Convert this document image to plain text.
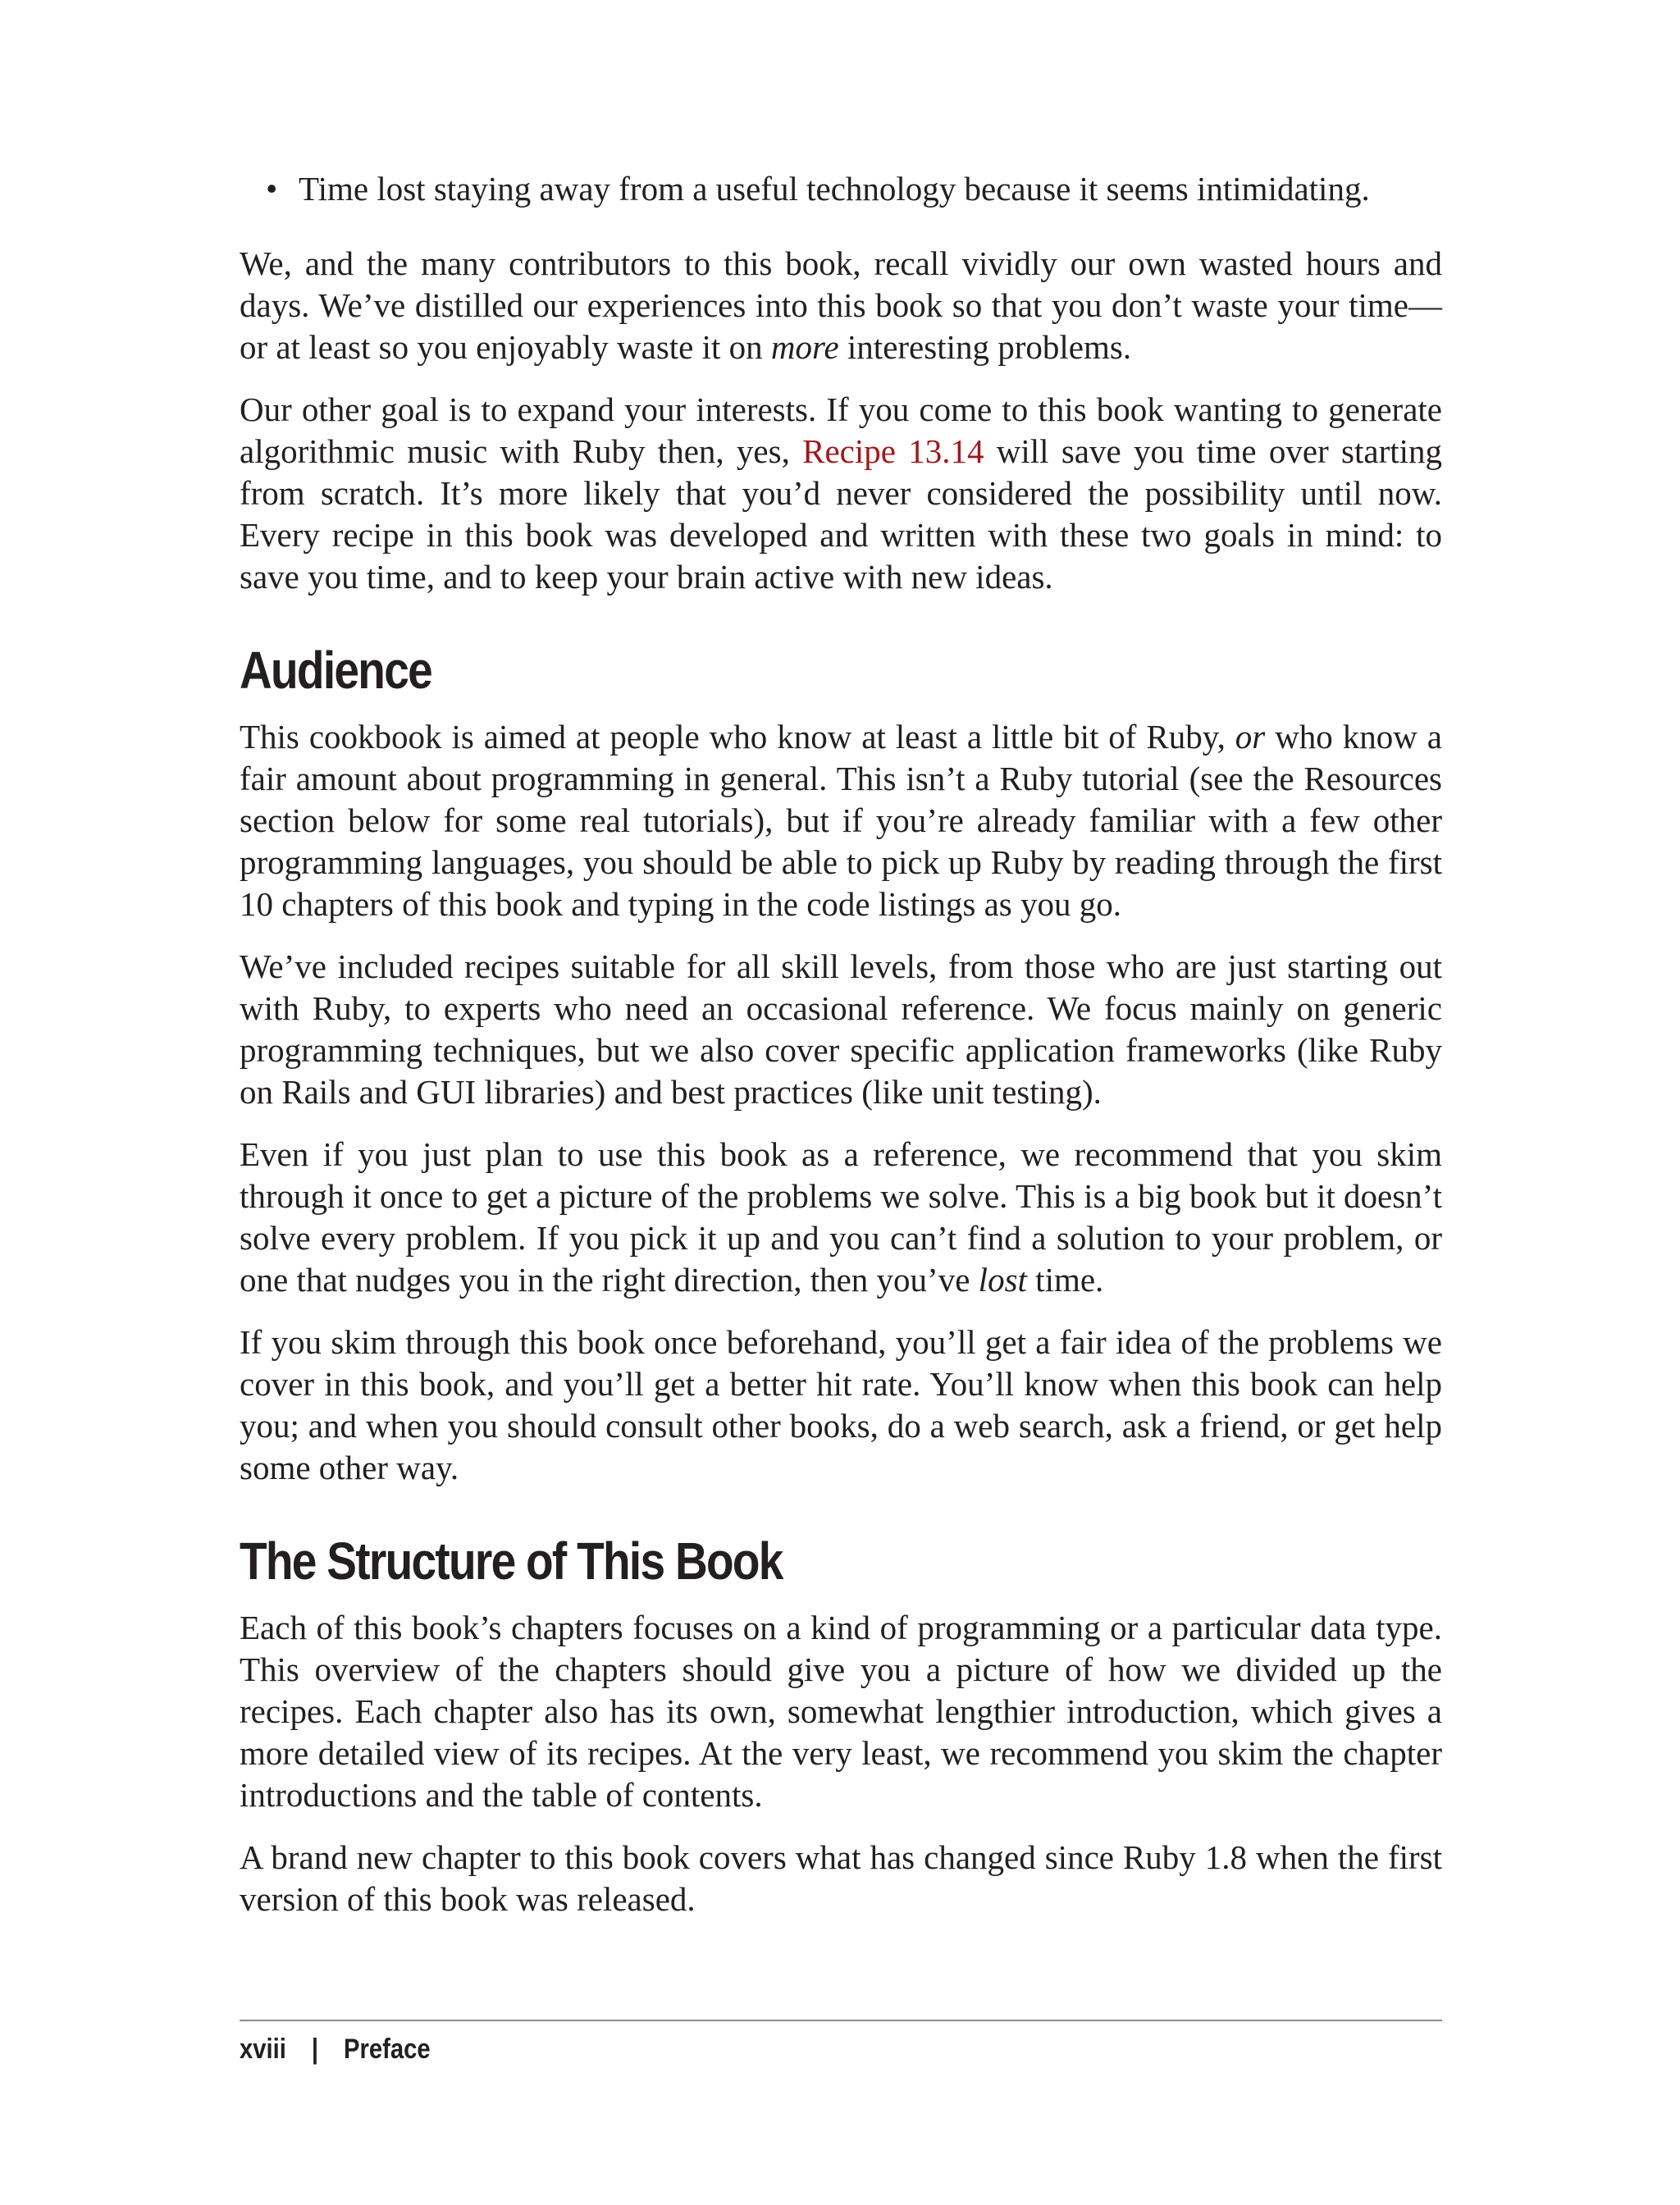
• Time lost staying away from a useful technology because it seems intimidating.

We, and the many contributors to this book, recall vividly our own wasted hours and days. We’ve distilled our experiences into this book so that you don’t waste your time— or at least so you enjoyably waste it on more interesting problems.

Our other goal is to expand your interests. If you come to this book wanting to generate algorithmic music with Ruby then, yes, Recipe 13.14 will save you time over starting from scratch. It’s more likely that you’d never considered the possibility until now. Every recipe in this book was developed and written with these two goals in mind: to save you time, and to keep your brain active with new ideas.

Audience

This cookbook is aimed at people who know at least a little bit of Ruby, or who know a fair amount about programming in general. This isn’t a Ruby tutorial (see the Resources section below for some real tutorials), but if you’re already familiar with a few other programming languages, you should be able to pick up Ruby by reading through the first 10 chapters of this book and typing in the code listings as you go.

We’ve included recipes suitable for all skill levels, from those who are just starting out with Ruby, to experts who need an occasional reference. We focus mainly on generic programming techniques, but we also cover specific application frameworks (like Ruby on Rails and GUI libraries) and best practices (like unit testing).

Even if you just plan to use this book as a reference, we recommend that you skim through it once to get a picture of the problems we solve. This is a big book but it doesn’t solve every problem. If you pick it up and you can’t find a solution to your problem, or one that nudges you in the right direction, then you’ve lost time.

If you skim through this book once beforehand, you’ll get a fair idea of the problems we cover in this book, and you’ll get a better hit rate. You’ll know when this book can help you; and when you should consult other books, do a web search, ask a friend, or get help some other way.

The Structure of This Book

Each of this book’s chapters focuses on a kind of programming or a particular data type. This overview of the chapters should give you a picture of how we divided up the recipes. Each chapter also has its own, somewhat lengthier introduction, which gives a more detailed view of its recipes. At the very least, we recommend you skim the chapter introductions and the table of contents.

A brand new chapter to this book covers what has changed since Ruby 1.8 when the first version of this book was released.

xviii | Preface
